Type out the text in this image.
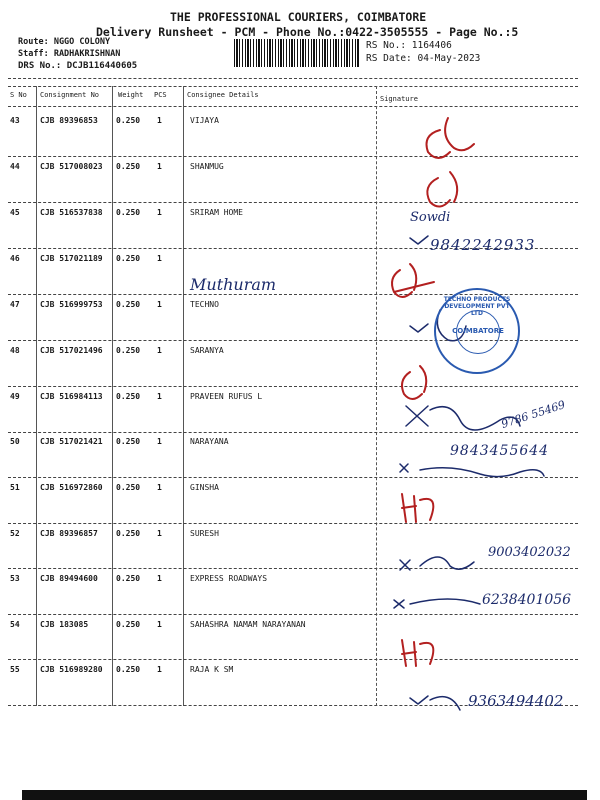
THE PROFESSIONAL COURIERS, COIMBATORE
Delivery Runsheet - PCM - Phone No.:0422-3505555 - Page No.:5
Route: NGGO COLONY
Staff: RADHAKRISHNAN
DRS No.: DCJB116440605
RS No.: 1164406
RS Date: 04-May-2023
S No Consignment No	Weight PCS	Consignee Details	Signature
43	CJB 89396853 0.250 1	VIJAYA
44	CJB 517008023 0.250 1	SHANMUG
45	CJB 516537838 0.250 1	SRIRAM HOME
46	CJB 517021189 0.250 1
47	CJB 516999753 0.250 1	TECHNO
48	CJB 517021496 0.250 1	SARANYA
49	CJB 516984113 0.250 1	PRAVEEN RUFUS L
50	CJB 517021421 0.250 1	NARAYANA
51	CJB 516972860 0.250 1	GINSHA
52	CJB 89396857 0.250 1	SURESH
53	CJB 89494600 0.250 1	EXPRESS ROADWAYS
54	CJB 183085	0.250 1	SAHASHRA NAMAM NARAYANAN
55	CJB 516989280 0.250 1	RAJA K SM
Muthuram
Sowdi
9842242933
9786 55469
9843455644
9003402032
6238401056
9363494402
TECHNO PRODUCTS DEVELOPMENT PVT LTD
COIMBATORE
